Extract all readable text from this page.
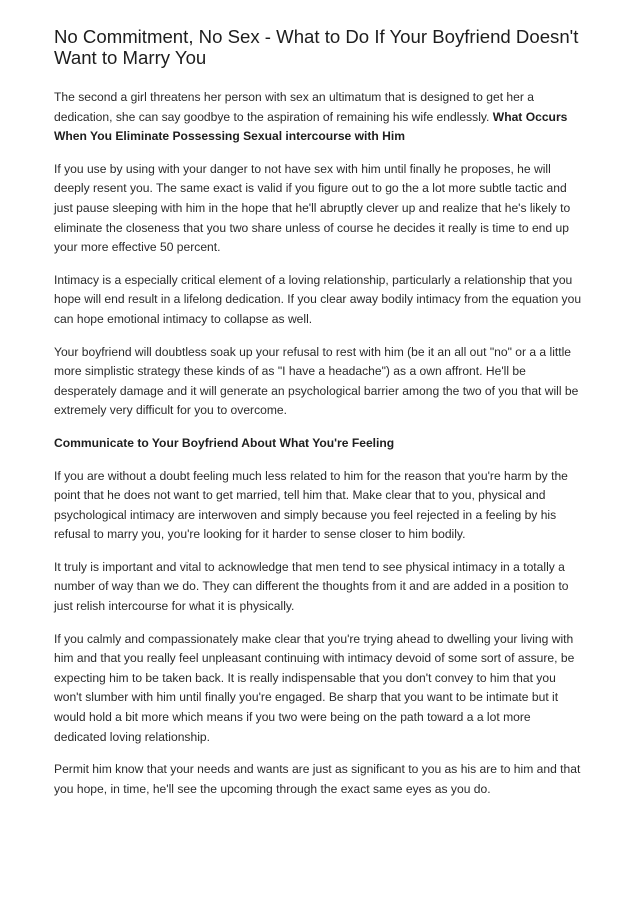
No Commitment, No Sex - What to Do If Your Boyfriend Doesn't Want to Marry You

The second a girl threatens her person with sex an ultimatum that is designed to get her a dedication, she can say goodbye to the aspiration of remaining his wife endlessly. What Occurs When You Eliminate Possessing Sexual intercourse with Him

If you use by using with your danger to not have sex with him until finally he proposes, he will deeply resent you. The same exact is valid if you figure out to go the a lot more subtle tactic and just pause sleeping with him in the hope that he'll abruptly clever up and realize that he's likely to eliminate the closeness that you two share unless of course he decides it really is time to end up your more effective 50 percent.

Intimacy is a especially critical element of a loving relationship, particularly a relationship that you hope will end result in a lifelong dedication. If you clear away bodily intimacy from the equation you can hope emotional intimacy to collapse as well.

Your boyfriend will doubtless soak up your refusal to rest with him (be it an all out "no" or a a little more simplistic strategy these kinds of as "I have a headache") as a own affront. He'll be desperately damage and it will generate an psychological barrier among the two of you that will be extremely very difficult for you to overcome.

Communicate to Your Boyfriend About What You're Feeling

If you are without a doubt feeling much less related to him for the reason that you're harm by the point that he does not want to get married, tell him that. Make clear that to you, physical and psychological intimacy are interwoven and simply because you feel rejected in a feeling by his refusal to marry you, you're looking for it harder to sense closer to him bodily.

It truly is important and vital to acknowledge that men tend to see physical intimacy in a totally a number of way than we do. They can different the thoughts from it and are added in a position to just relish intercourse for what it is physically.

If you calmly and compassionately make clear that you're trying ahead to dwelling your living with him and that you really feel unpleasant continuing with intimacy devoid of some sort of assure, be expecting him to be taken back. It is really indispensable that you don't convey to him that you won't slumber with him until finally you're engaged. Be sharp that you want to be intimate but it would hold a bit more which means if you two were being on the path toward a a lot more dedicated loving relationship.

Permit him know that your needs and wants are just as significant to you as his are to him and that you hope, in time, he'll see the upcoming through the exact same eyes as you do.
